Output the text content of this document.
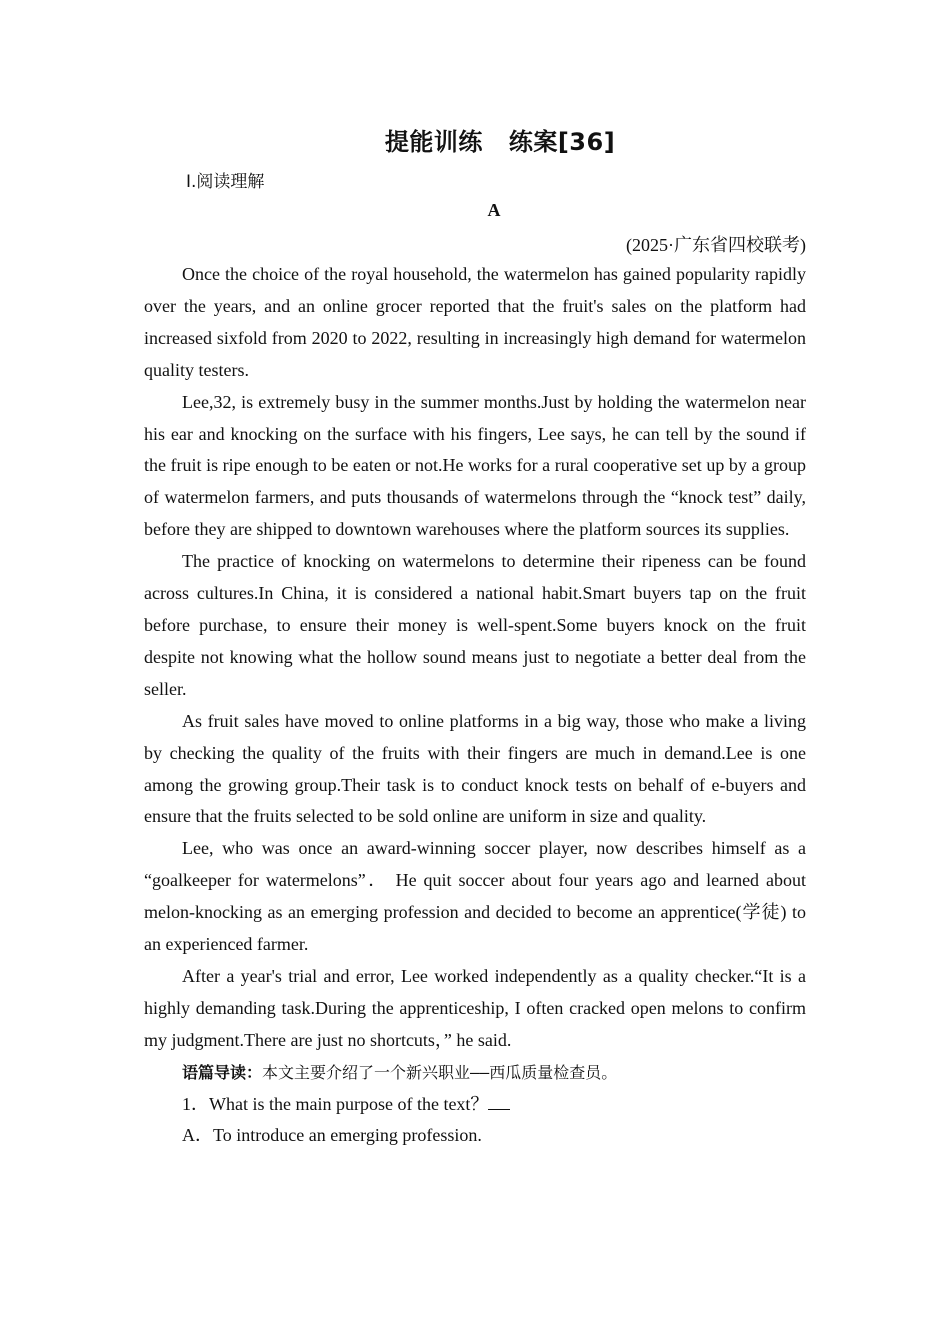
提能训练 练案[36]
Ⅰ.阅读理解
A
(2025·广东省四校联考)

Once the choice of the royal household, the watermelon has gained popularity rapidly over the years, and an online grocer reported that the fruit's sales on the platform had increased sixfold from 2020 to 2022, resulting in increasingly high demand for watermelon quality testers.

Lee,32, is extremely busy in the summer months.Just by holding the watermelon near his ear and knocking on the surface with his fingers, Lee says, he can tell by the sound if the fruit is ripe enough to be eaten or not.He works for a rural cooperative set up by a group of watermelon farmers, and puts thousands of watermelons through the “knock test” daily, before they are shipped to downtown warehouses where the platform sources its supplies.

The practice of knocking on watermelons to determine their ripeness can be found across cultures.In China, it is considered a national habit.Smart buyers tap on the fruit before purchase, to ensure their money is well-spent.Some buyers knock on the fruit despite not knowing what the hollow sound means just to negotiate a better deal from the seller.

As fruit sales have moved to online platforms in a big way, those who make a living by checking the quality of the fruits with their fingers are much in demand.Lee is one among the growing group.Their task is to conduct knock tests on behalf of e-buyers and ensure that the fruits selected to be sold online are uniform in size and quality.

Lee, who was once an award-winning soccer player, now describes himself as a “goalkeeper for watermelons”． He quit soccer about four years ago and learned about melon-knocking as an emerging profession and decided to become an apprentice(学徒) to an experienced farmer.

After a year's trial and error, Lee worked independently as a quality checker.“It is a highly demanding task.During the apprenticeship, I often cracked open melons to confirm my judgment.There are just no shortcuts，” he said.

语篇导读：本文主要介绍了一个新兴职业——西瓜质量检查员。

1．What is the main purpose of the text？

A．To introduce an emerging profession.
